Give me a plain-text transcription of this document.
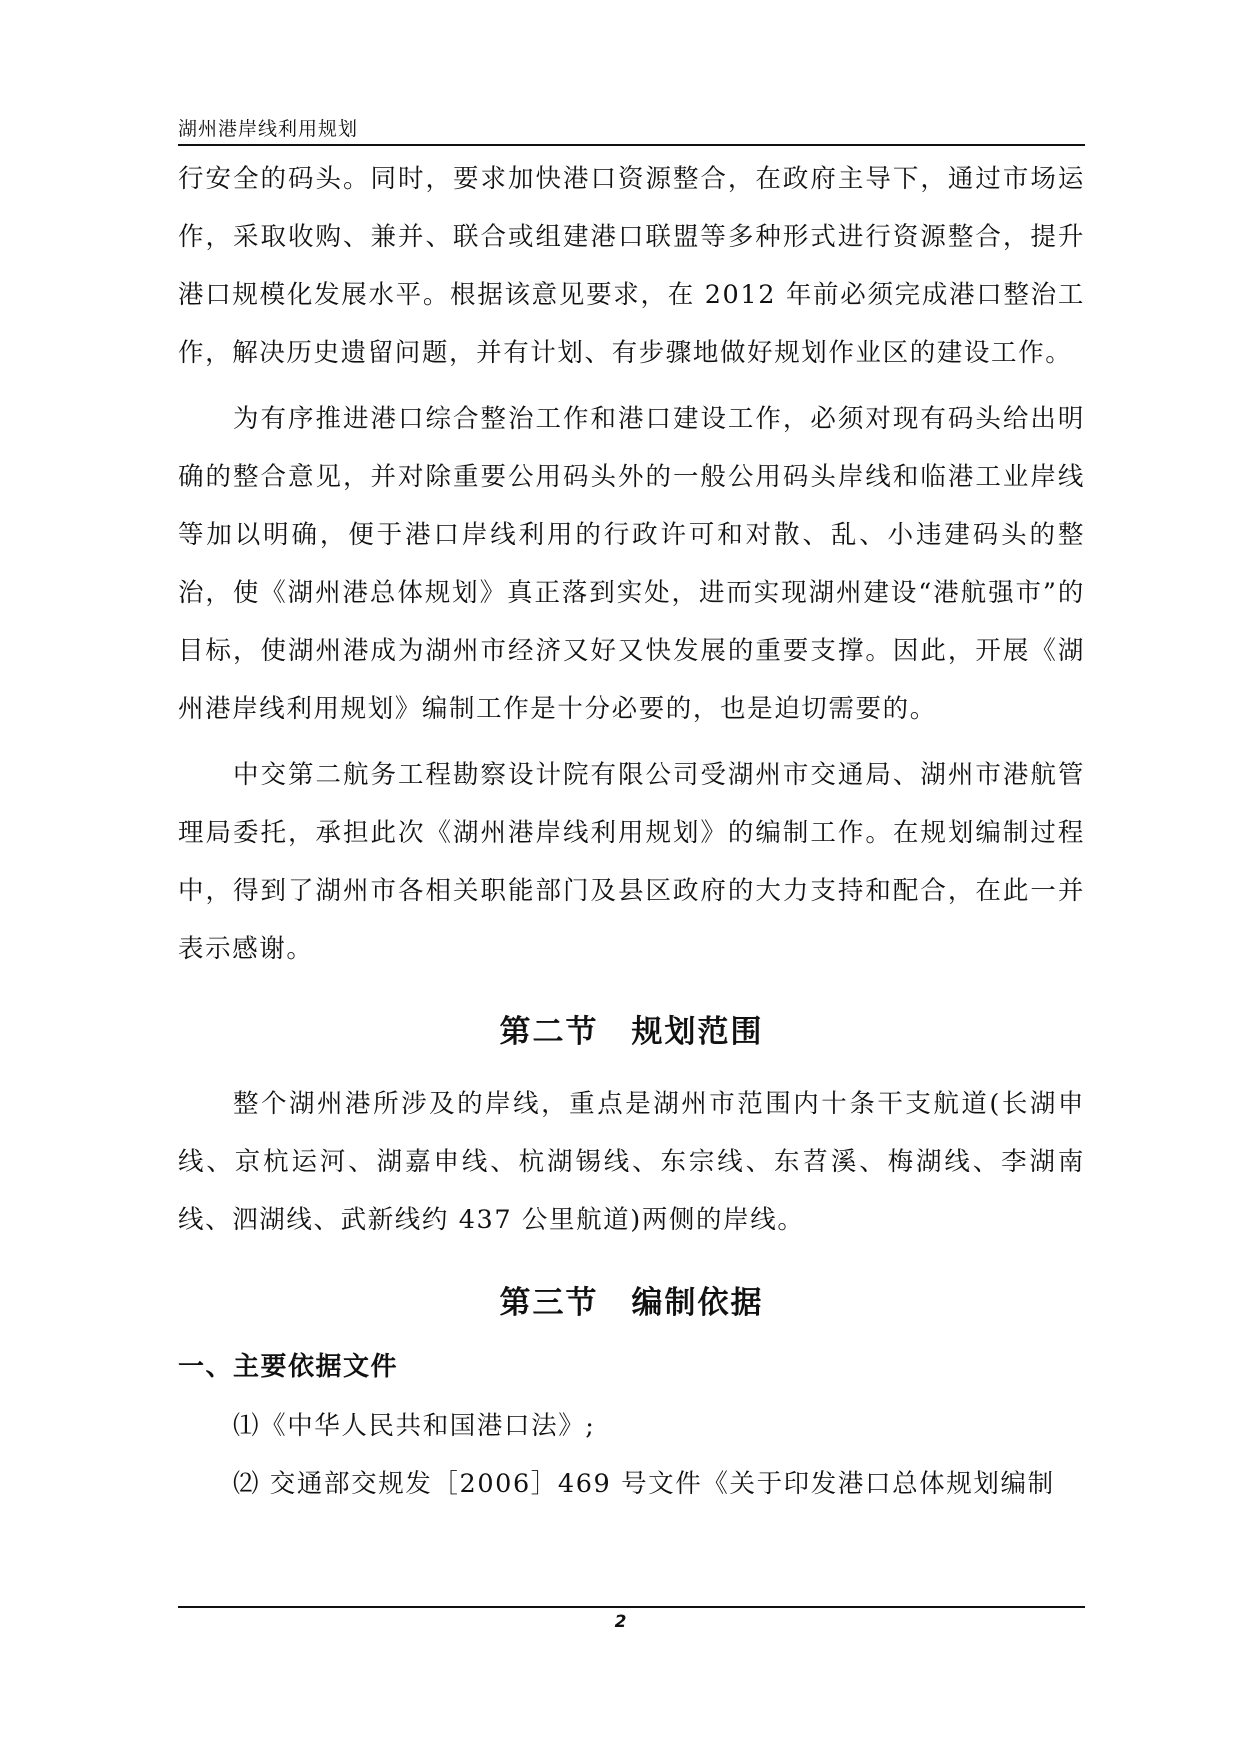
湖州港岸线利用规划

行安全的码头。同时，要求加快港口资源整合，在政府主导下，通过市场运作，采取收购、兼并、联合或组建港口联盟等多种形式进行资源整合，提升港口规模化发展水平。根据该意见要求，在 2012 年前必须完成港口整治工作，解决历史遗留问题，并有计划、有步骤地做好规划作业区的建设工作。

为有序推进港口综合整治工作和港口建设工作，必须对现有码头给出明确的整合意见，并对除重要公用码头外的一般公用码头岸线和临港工业岸线等加以明确，便于港口岸线利用的行政许可和对散、乱、小违建码头的整治，使《湖州港总体规划》真正落到实处，进而实现湖州建设“港航强市”的目标，使湖州港成为湖州市经济又好又快发展的重要支撑。因此，开展《湖州港岸线利用规划》编制工作是十分必要的，也是迫切需要的。

中交第二航务工程勘察设计院有限公司受湖州市交通局、湖州市港航管理局委托，承担此次《湖州港岸线利用规划》的编制工作。在规划编制过程中，得到了湖州市各相关职能部门及县区政府的大力支持和配合，在此一并表示感谢。

第二节　规划范围

整个湖州港所涉及的岸线，重点是湖州市范围内十条干支航道(长湖申线、京杭运河、湖嘉申线、杭湖锡线、东宗线、东苕溪、梅湖线、李湖南线、泗湖线、武新线约 437 公里航道)两侧的岸线。

第三节　编制依据
一、主要依据文件

⑴《中华人民共和国港口法》;

⑵ 交通部交规发［2006］469 号文件《关于印发港口总体规划编制

2
